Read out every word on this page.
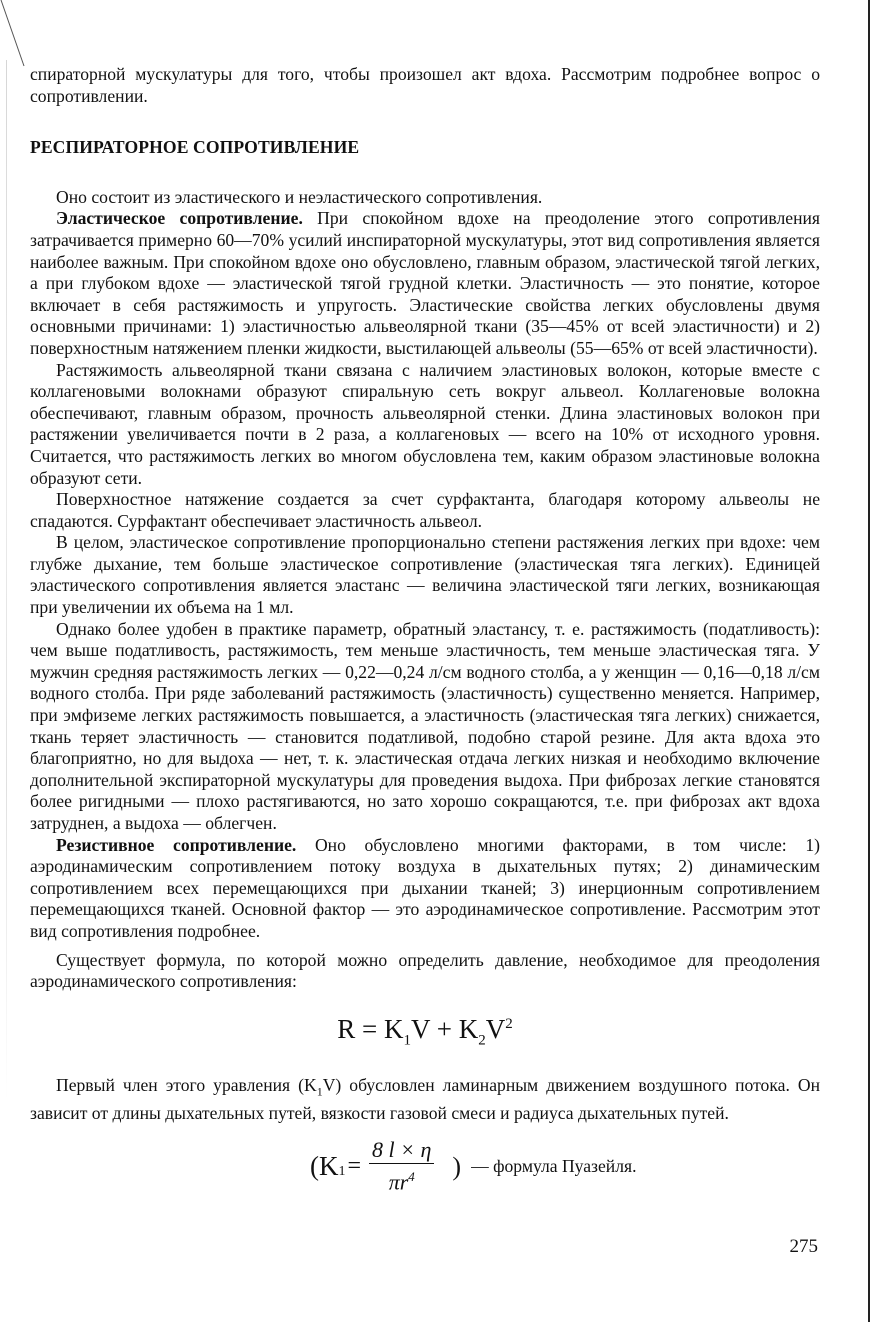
спираторной мускулатуры для того, чтобы произошел акт вдоха. Рассмотрим подробнее вопрос о сопротивлении.

РЕСПИРАТОРНОЕ СОПРОТИВЛЕНИЕ

Оно состоит из эластического и неэластического сопротивления.

Эластическое сопротивление. При спокойном вдохе на преодоление этого сопротивления затрачивается примерно 60—70% усилий инспираторной мускулатуры, этот вид сопротивления является наиболее важным. При спокойном вдохе оно обусловлено, главным образом, эластической тягой легких, а при глубоком вдохе — эластической тягой грудной клетки. Эластичность — это понятие, которое включает в себя растяжимость и упругость. Эластические свойства легких обусловлены двумя основными причинами: 1) эластичностью альвеолярной ткани (35—45% от всей эластичности) и 2) поверхностным натяжением пленки жидкости, выстилающей альвеолы (55—65% от всей эластичности).

Растяжимость альвеолярной ткани связана с наличием эластиновых волокон, которые вместе с коллагеновыми волокнами образуют спиральную сеть вокруг альвеол. Коллагеновые волокна обеспечивают, главным образом, прочность альвеолярной стенки. Длина эластиновых волокон при растяжении увеличивается почти в 2 раза, а коллагеновых — всего на 10% от исходного уровня. Считается, что растяжимость легких во многом обусловлена тем, каким образом эластиновые волокна образуют сети.

Поверхностное натяжение создается за счет сурфактанта, благодаря которому альвеолы не спадаются. Сурфактант обеспечивает эластичность альвеол.

В целом, эластическое сопротивление пропорционально степени растяжения легких при вдохе: чем глубже дыхание, тем больше эластическое сопротивление (эластическая тяга легких). Единицей эластического сопротивления является эластанс — величина эластической тяги легких, возникающая при увеличении их объема на 1 мл.

Однако более удобен в практике параметр, обратный эластансу, т. е. растяжимость (податливость): чем выше податливость, растяжимость, тем меньше эластичность, тем меньше эластическая тяга. У мужчин средняя растяжимость легких — 0,22—0,24 л/см водного столба, а у женщин — 0,16—0,18 л/см водного столба. При ряде заболеваний растяжимость (эластичность) существенно меняется. Например, при эмфиземе легких растяжимость повышается, а эластичность (эластическая тяга легких) снижается, ткань теряет эластичность — становится податливой, подобно старой резине. Для акта вдоха это благоприятно, но для выдоха — нет, т. к. эластическая отдача легких низкая и необходимо включение дополнительной экспираторной мускулатуры для проведения выдоха. При фиброзах легкие становятся более ригидными — плохо растягиваются, но зато хорошо сокращаются, т.е. при фиброзах акт вдоха затруднен, а выдоха — облегчен.

Резистивное сопротивление. Оно обусловлено многими факторами, в том числе: 1) аэродинамическим сопротивлением потоку воздуха в дыхательных путях; 2) динамическим сопротивлением всех перемещающихся при дыхании тканей; 3) инерционным сопротивлением перемещающихся тканей. Основной фактор — это аэродинамическое сопротивление. Рассмотрим этот вид сопротивления подробнее.

Существует формула, по которой можно определить давление, необходимое для преодоления аэродинамического сопротивления:

$R = K_1V + K_2V^2$

Первый член этого уравления $(K_1V)$ обусловлен ламинарным движением воздушного потока. Он зависит от длины дыхательных путей, вязкости газовой смеси и радиуса дыхательных путей.

($K_1 = \frac{8 l \times \eta}{\pi r^4}$ ) — формула Пуазейля.
275
